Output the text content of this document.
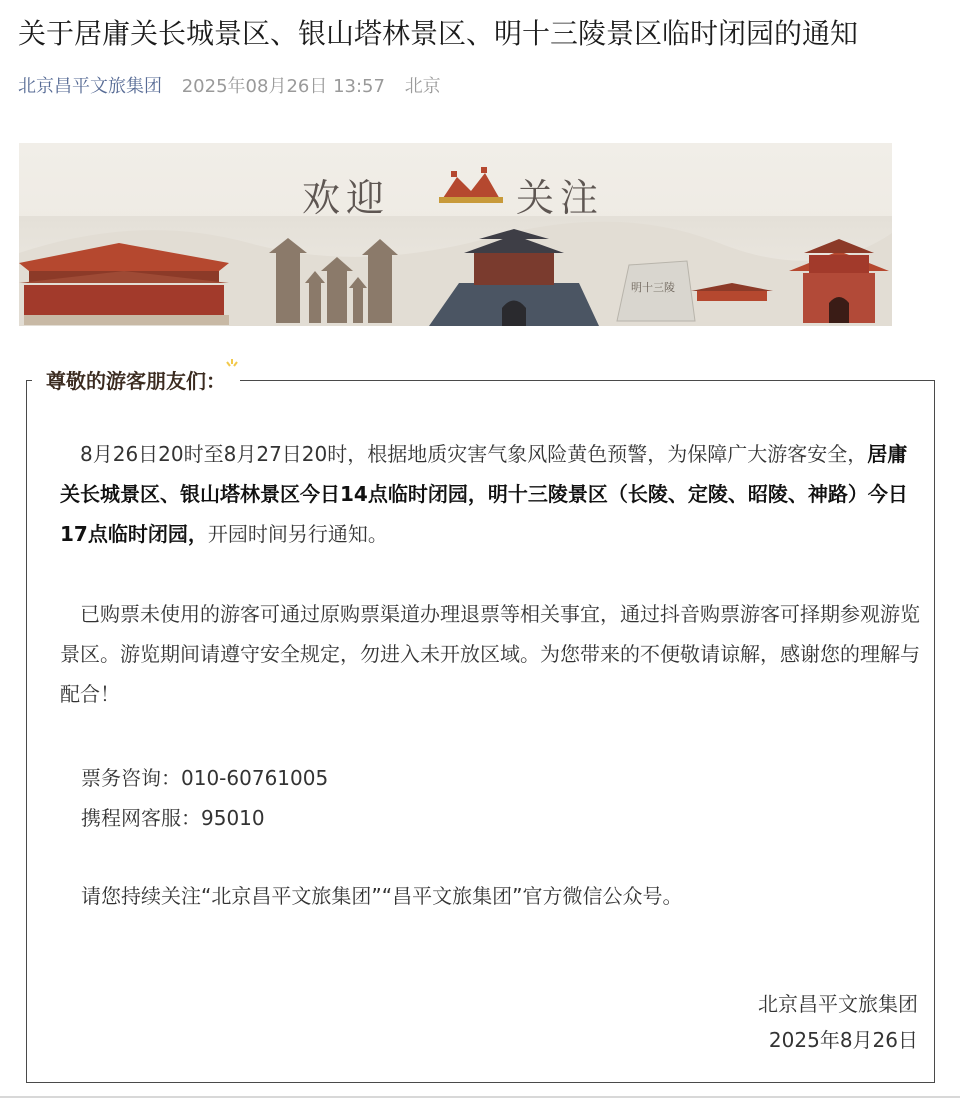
关于居庸关长城景区、银山塔林景区、明十三陵景区临时闭园的通知
北京昌平文旅集团 2025年08月26日 13:57 北京
明十三陵
欢迎	关注
尊敬的游客朋友们：
8月26日20时至8月27日20时，根据地质灾害气象风险黄色预警，为保障广大游客安全，居庸关长城景区、银山塔林景区今日14点临时闭园，明十三陵景区（长陵、定陵、昭陵、神路）今日17点临时闭园，开园时间另行通知。
已购票未使用的游客可通过原购票渠道办理退票等相关事宜，通过抖音购票游客可择期参观游览景区。游览期间请遵守安全规定，勿进入未开放区域。为您带来的不便敬请谅解，感谢您的理解与配合！
票务咨询：010-60761005
携程网客服：95010
请您持续关注“北京昌平文旅集团”“昌平文旅集团”官方微信公众号。
北京昌平文旅集团
2025年8月26日
